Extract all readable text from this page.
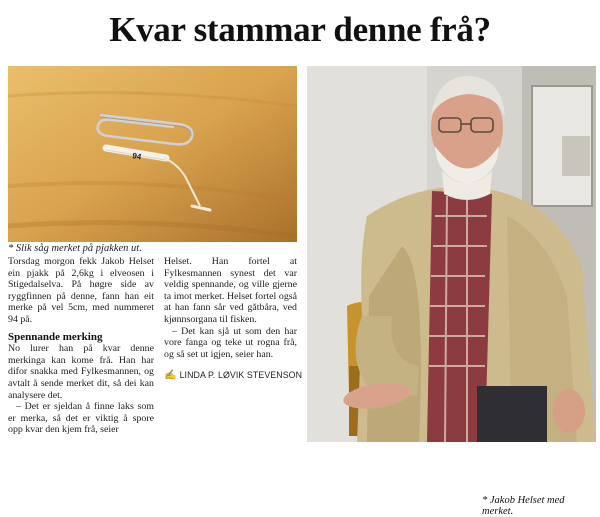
Kvar stammar denne frå?
94
* Slik såg merket på pjakken ut.
* Jakob Helset med merket.

Torsdag morgon fekk Jakob Helset ein pjakk på 2,6kg i elveosen i Stigedalselva. På høgre side av ryggfinnen på denne, fann han eit merke på vel 5cm, med nummeret 94 på.

Spennande merking

No lurer han på kvar denne merkinga kan kome frå. Han har difor snakka med Fylkesmannen, og avtalt å sende merket dit, så dei kan analysere det.

– Det er sjeldan å finne laks som er merka, så det er viktig å spore opp kvar den kjem frå, seier

Helset. Han fortel at Fylkesmannen synest det var veldig spennande, og ville gjerne ta imot merket. Helset fortel også at han fann sår ved gătbåra, ved kjønnsorgana til fisken.

– Det kan sjå ut som den har vore fanga og teke ut rogna frå, og så set ut igjen, seier han.

✍ LINDA P. LØVIK STEVENSON
